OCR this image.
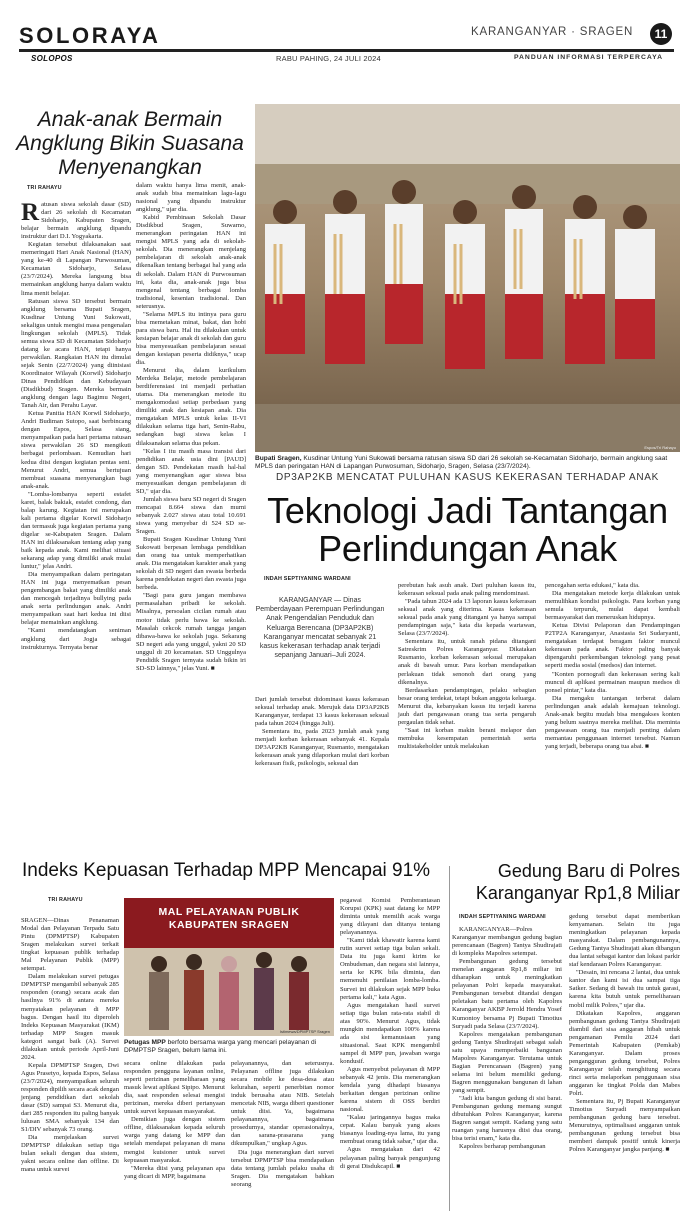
SOLORAYA
SOLOPOS
KARANGANYAR · SRAGEN	11
RABU PAHING, 24 JULI 2024	PANDUAN INFORMASI TERPERCAYA
Anak-anak Bermain
Angklung Bikin Suasana
Menyenangkan
TRI RAHAYU
R atusan siswa sekolah dasar (SD) dari 26 sekolah di Kecamatan Sidoharjo, Kabupaten Sragen, belajar bermain angklung dipandu instruktur dari D.I. Yogyakarta.

Kegiatan tersebut dilaksanakan saat memeringati Hari Anak Nasional (HAN) yang ke-40 di Lapangan Purwosuman, Kecamatan Sidoharjo, Selasa (23/7/2024). Mereka langsung bisa memainkan angklung hanya dalam waktu lima menit belajar.

Ratusan siswa SD tersebut bermain angklung bersama Bupati Sragen, Kusdinar Untung Yuni Sukowati, sekaligus untuk mengisi masa pengenalan lingkungan sekolah (MPLS). Tidak semua siswa SD di Kecamatan Sidoharjo datang ke acara HAN, tetapi hanya perwakilan. Rangkaian HAN itu dimulai sejak Senin (22/7/2024) yang diinisiasi Koordinator Wilayah (Korwil) Sidoharjo Dinas Pendidikan dan Kebudayaan (Disdikbud) Sragen. Mereka bermain angklung dengan lagu Bagimu Negeri, Tanah Air, dan Perahu Layar.

Ketua Panitia HAN Korwil Sidoharjo, Andri Budiman Sutopo, saat berbincang dengan Espos, Selasa siang, menyampaikan pada hari pertama ratusan siswa perwakilan 26 SD mengikuti berbagai perlombaan. Kemudian hari kedua diisi dengan kegiatan pentas seni. Menurut Andri, semua bertujuan membuat suasana menyenangkan bagi anak-anak.

"Lomba-lombanya seperti estafet karet, balak bakiak, estafet condong, dan balap karung. Kegiatan ini merupakan kali pertama digelar Korwil Sidoharjo dan termasuk juga kegiatan pertama yang digelar se-Kabupaten Sragen. Dalam HAN ini dilaksanakan tentang adap yang baik kepada anak. Kami melihat situasi sekarang adap yang dimiliki anak mulai luntur," jelas Andri.

Dia menyampaikan dalam peringatan HAN ini juga menyematkan pesan pengembangan bakat yang dimiliki anak dan mencegah terjadinya bullying pada anak serta perlindungan anak. Andri menyampaikan saat hari kedua ini diisi belajar memainkan angklung.

"Kami mendatangkan seniman angklung dari Jogja sebagai instrukturnya. Ternyata benar

dalam waktu hanya lima menit, anak-anak sudah bisa memainkan lagu-lagu nasional yang dipandu instruktur angklung," ujar dia.

Kabid Pembinaan Sekolah Dasar Disdikbud Sragen, Suwarno, menerangkan peringatan HAN ini mengisi MPLS yang ada di sekolah-sekolah. Dia menerangkan menjelang pembelajaran di sekolah anak-anak dikenalkan tentang berbagai hal yang ada di sekolah. Dalam HAN di Purwosuman ini, kata dia, anak-anak juga bisa mengenal tentang berbagai lomba tradisional, kesenian tradisional. Dan seterusnya.

"Selama MPLS itu intinya para guru bisa memetakan minat, bakat, dan hobi para siswa baru. Hal itu dilakukan untuk kesiapan belajar anak di sekolah dan guru bisa menyesuaikan pembelajaran sesuai dengan kesiapan peserta didiknya," ucap dia.

Menurut dia, dalam kurikulum Merdeka Belajar, metode pembelajaran berdiferensiasi ini menjadi perhatian utama. Dia menerangkan metode itu mengakomodasi setiap perbedaan yang dimiliki anak dan kesiapan anak. Dia mengatakan MPLS untuk kelas II-VI dilakukan selama tiga hari, Senin-Rabu, sedangkan bagi siswa kelas I dilaksanakan selama dua pekan.

"Kelas I itu masih masa transisi dari pendidikan anak usia dini [PAUD] dengan SD. Pendekatan masih hal-hal yang menyenangkan agar siswa bisa menyesuaikan dengan pembelajaran di SD," ujar dia.

Jumlah siswa baru SD negeri di Sragen mencapai 8.664 siswa dan murni sebanyak 2.027 siswa atau total 10.691 siswa yang menyebar di 524 SD se-Sragen.

Bupati Sragen Kusdinar Untung Yuni Sukowati berpesan lembaga pendidikan dan orang tua untuk memperhatikan anak. Dia mengatakan karakter anak yang sekolah di SD negeri dan swasta berbeda karena pendekatan negeri dan swasta juga berbeda.

"Bagi para guru jangan membawa permasalahan pribadi ke sekolah. Misalnya, persoalan cicilan rumah atau motor tidak perlu bawa ke sekolah. Masalah cekcok rumah tangga jangan dibawa-bawa ke sekolah juga. Sekarang SD negeri ada yang unggul, yakni 20 SD unggul di 20 kecamatan. SD Unggulnya Pendidik Sragen ternyata sudah bikin iri SD-SD lainnya," jelas Yuni. ■

Espos/Tri Rahayu
Bupati Sragen, Kusdinar Untung Yuni Sukowati bersama ratusan siswa SD dari 26 sekolah se-Kecamatan Sidoharjo, bermain angklung saat MPLS dan peringatan HAN di Lapangan Purwosuman, Sidoharjo, Sragen, Selasa (23/7/2024).
DP3AP2KB MENCATAT PULUHAN KASUS KEKERASAN TERHADAP ANAK
Teknologi Jadi Tantangan
Perlindungan Anak
INDAH SEPTIYANING WARDANI
KARANGANYAR — Dinas Pemberdayaan Perempuan Perlindungan Anak Pengendalian Penduduk dan Keluarga Berencana (DP3AP2KB) Karanganyar mencatat sebanyak 21 kasus kekerasan terhadap anak terjadi sepanjang Januari–Juli 2024.

Dari jumlah tersebut didominasi kasus kekerasan seksual terhadap anak. Merujuk data DP3AP2KB Karanganyar, terdapat 13 kasus kekerasan seksual pada tahun 2024 (hingga Juli).

Sementara itu, pada 2023 jumlah anak yang menjadi korban kekerasan sebanyak 41. Kepala DP3AP2KB Karanganyar, Rusmanto, mengatakan kekerasan anak yang dilaporkan mulai dari korban kekerasan fisik, psikologis, seksual dan

perebutan hak asuh anak. Dari puluhan kasus itu, kekerasan seksual pada anak paling mendominasi.

"Pada tahun 2024 ada 13 laporan kasus kekerasan seksual anak yang diterima. Kasus kekerasan seksual pada anak yang ditangani ya hanya sampai pendampingan saja," kata dia kepada wartawan, Selasa (23/7/2024).

Sementara itu, untuk ranah pidana ditangani Satreskrim Polres Karanganyar. Dikatakan Rusmanto, korban kekerasan seksual merupakan anak di bawah umur. Para korban mendapatkan perlakuan tidak senonoh dari orang yang dikenalnya.

Berdasarkan pendampingan, pelaku sebagian besar orang terdekat, tetapi bukan anggota keluarga. Menurut dia, kebanyakan kasus itu terjadi karena jauh dari pengawasan orang tua serta pengaruh pergaulan tidak sehat.

"Saat ini korban makin berani melapor dan membuka kesempatan pemerintah serta multistakeholder untuk melakukan

pencegahan serta edukasi," kata dia.

Dia mengatakan metode kerja dilakukan untuk memulihkan kondisi psikologis. Para korban yang semula terpuruk, mulai dapat kembali bermasyarakat dan meneruskan hidupnya.

Ketua Divisi Pelaporan dan Pendampingan P2TP2A Karanganyar, Anastasia Sri Sudaryanti, mengatakan terdapat beragam faktor muncul kekerasan pada anak. Faktor paling banyak dipengaruhi perkembangan teknologi yang pesat seperti media sosial (medsos) dan internet.

"Konten pornografi dan kekerasan sering kali muncul di aplikasi permainan maupun medsos di ponsel pintar," kata dia.

Dia mengaku tantangan terberat dalam perlindungan anak adalah kemajuan teknologi. Anak-anak begitu mudah bisa mengakses konten yang belum saatnya mereka melihat. Dia meminta pengawasan orang tua menjadi penting dalam memantau penggunaan internet tersebut. Namun yang terjadi, beberapa orang tua abai. ■

Indeks Kepuasan Terhadap MPP Mencapai 91%
TRI RAHAYU

SRAGEN—Dinas Penanaman Modal dan Pelayanan Terpadu Satu Pintu (DPMPTSP) Kabupaten Sragen melakukan survei terkait tingkat kepuasan publik terhadap Mal Pelayanan Publik (MPP) setempat.

Dalam melakukan survei petugas DPMPTSP mengambil sebanyak 285 responden (orang) secara acak dan hasilnya 91% di antara mereka menyatakan pelayanan di MPP bagus. Dengan hasil itu diperoleh Indeks Kepuasan Masyarakat (IKM) terhadap MPP Sragen masuk kategori sangat baik (A). Survei dilakukan untuk periode April-Juni 2024.

Kepala DPMPTSP Sragen, Dwi Agus Prasetyo, kepada Espos, Selasa (23/7/2024), menyampaikan seluruh responden dipilih secara acak dengan jenjang pendidikan dari sekolah dasar (SD) sampai S3. Menurut dia, dari 285 responden itu paling banyak lulusan SMA sebanyak 134 dan S1/DIV sebanyak 73 orang.

Dia menjelaskan survei DPMPTSP dilakukan setiap tiga bulan sekali dengan dua sistem, yakni secara online dan offline. Di mana untuk survei

MAL PELAYANAN PUBLIK KABUPATEN SRAGEN
Istimewa/DPMPTSP Sragen
Petugas MPP berfoto bersama warga yang mencari pelayanan di DPMPTSP Sragen, belum lama ini.

secara online dilakukan pada responden pengguna layanan online, seperti perizinan pemeliharaan yang masuk lewat aplikasi Sipipo. Menurut dia, saat responden selesai mengisi perizinan, mereka diberi pertanyaan untuk survei kepuasan masyarakat.

Demikian juga dengan sistem offline, dilaksanakan kepada seluruh warga yang datang ke MPP dan setelah mendapat pelayanan di mana mengisi kuisioner untuk survei kepuasan masyarakat.

"Mereka diisi yang pelayanan apa yang dicari di MPP, bagaimana

pelayanannya, dan seterusnya. Pelayanan offline juga dilakukan secara mobile ke desa-desa atau kelurahan, seperti penerbitan nomor induk berusaha atau NIB. Setelah mencetak NIB, warga diberi questioner untuk diisi. Ya, bagaimana pelayanannya, bagaimana prosedurnya, standar operasionalnya, dan sarana-prasarana yang dikumpulkan," ungkap Agus.

Dia juga menerangkan dari survei tersebut DPMPTSP bisa mendapatkan data tentang jumlah pelaku usaha di Sragen. Dia mengatakan bahkan seorang

pegawai Komisi Pemberantasan Korupsi (KPK) saat datang ke MPP diminta untuk memilih acak warga yang dilayani dan ditanya tentang pelayanannya.

"Kami tidak khawatir karena kami rutin survei setiap tiga bulan sekali. Data itu juga kami kirim ke Ombudsman, dan negara sisi lainnya, serta ke KPK bila diminta, dan memenuhi penilaian lomba-lomba. Survei ini dilakukan sejak MPP buka pertama kali," kata Agus.

Agus mengatakan hasil survei setiap tiga bulan rata-rata stabil di atas 90%. Menurut Agus, tidak mungkin mendapatkan 100% karena ada sisi kemanusiaan yang situasional. Saat KPK mengambil sampel di MPP pun, jawaban warga kondusif.

Agus menyebut pelayanan di MPP sebanyak 42 jenis. Dia menerangkan kendala yang dihadapi biasanya berkaitan dengan perizinan online karena sistem di OSS berdiri nasional.

"Kalau jaringannya bagus maka cepat. Kalau banyak yang akses biasanya loading-nya lama, itu yang membuat orang tidak sabar," ujar dia.

Agus mengatakan dari 42 pelayanan paling banyak pengunjung di gerai Disdukcapil. ■

Gedung Baru di Polres
Karanganyar Rp1,8 Miliar
INDAH SEPTIYANING WARDANI

KARANGANYAR—Polres Karanganyar membangun gedung bagian perencanaan (Bagren) Tantya Shudirajati di kompleks Mapolres setempat.

Pembangunan gedung tersebut menelan anggaran Rp1,8 miliar ini diharapkan untuk meningkatkan pelayanan Polri kepada masyarakat. Pembangunan tersebut ditandai dengan peletakan batu pertama oleh Kapolres Karanganyar AKBP Jerrold Hendra Yosef Kumontoy bersama Pj Bupati Timotius Suryadi pada Selasa (23/7/2024).

Kapolres mengatakan pembangunan gedung Tantya Shudirajati sebagai salah satu upaya memperbaiki bangunan Mapolres Karanganyar. Terutama untuk Bagian Perencanaan (Bagren) yang selama ini belum memiliki gedung. Bagren menggunakan bangunan di lahan yang sempit.

"Jadi kita bangun gedung di sisi barat. Pembangunan gedung memang sungut dibutuhkan Polres Karanganyar, karena Bagren sangat sempit. Kadang yang satu ruangan yang harusnya diisi dua orang, bisa terisi enam," kata dia.

Kapolres berharap pembangunan

gedung tersebut dapat memberikan kenyamanan. Selain itu juga meningkatkan pelayanan kepada masyarakat. Dalam pembangunannya, Gedung Tantya Shudirajati akan dibangun dua lantai sebagai kantor dan lokasi parkir staf kendaraan Polres Karanganyar.

"Desain, ini rencana 2 lantai, dua untuk kantor dan kami isi dua sampai tiga Satker. Sedang di bawah itu untuk garasi, karena kita butuh untuk pemeliharaan mobil milik Polres," ujar dia.

Dikatakan Kapolres, anggaran pembangunan gedung Tantya Shudirajati diambil dari sisa anggaran hibah untuk pengamanan Pemilu 2024 dari Pemerintah Kabupaten (Pemkab) Karanganyar. Dalam proses pengangguran gedung tersebut, Polres Karanganyar telah menghitung secara rinci serta melaporkan penggunaan sisa anggaran ke tingkat Polda dan Mabes Polri.

Sementara itu, Pj Bupati Karanganyar Timotius Suryadi menyampaikan pembangunan gedung baru tersebut. Menurutnya, optimalisasi anggaran untuk pembangunan gedung tersebut bisa memberi dampak positif untuk kinerja Polres Karanganyar jangka panjang. ■
